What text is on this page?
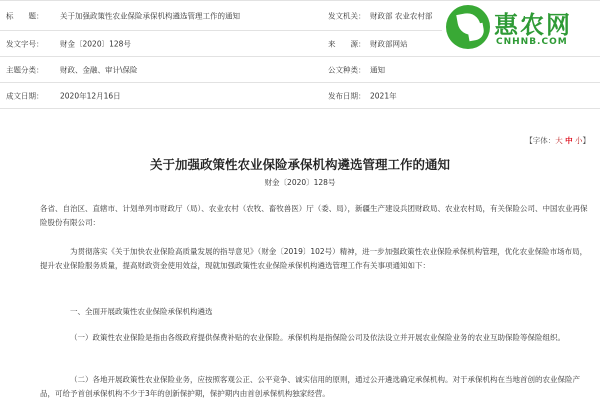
标　　题： 关于加强政策性农业保险承保机构遴选管理工作的通知	发文机关： 财政部 农业农村部
发文字号： 财金〔2020〕128号	来　　源： 财政部网站
主题分类： 财政、金融、审计\保险	公文种类： 通知
成文日期： 2020年12月16日	发布日期： 2021年
惠农网
CNHNB.COM
【字体：大 中 小】
关于加强政策性农业保险承保机构遴选管理工作的通知
财金〔2020〕128号
各省、自治区、直辖市、计划单列市财政厅（局）、农业农村（农牧、畜牧兽医）厅（委、局），新疆生产建设兵团财政局、农业农村局，有关保险公司、中国农业再保险股份有限公司：
为贯彻落实《关于加快农业保险高质量发展的指导意见》（财金〔2019〕102号）精神，进一步加强政策性农业保险承保机构管理，优化农业保险市场布局，提升农业保险服务质量，提高财政资金使用效益，现就加强政策性农业保险承保机构遴选管理工作有关事项通知如下：
一、全面开展政策性农业保险承保机构遴选
（一）政策性农业保险是指由各级政府提供保费补贴的农业保险。承保机构是指保险公司及依法设立并开展农业保险业务的农业互助保险等保险组织。
（二）各地开展政策性农业保险业务，应按照客观公正、公平竞争、诚实信用的原则，通过公开遴选确定承保机构。对于承保机构在当地首创的农业保险产品，可给予首创承保机构不少于3年的创新保护期，保护期内由首创承保机构独家经营。
